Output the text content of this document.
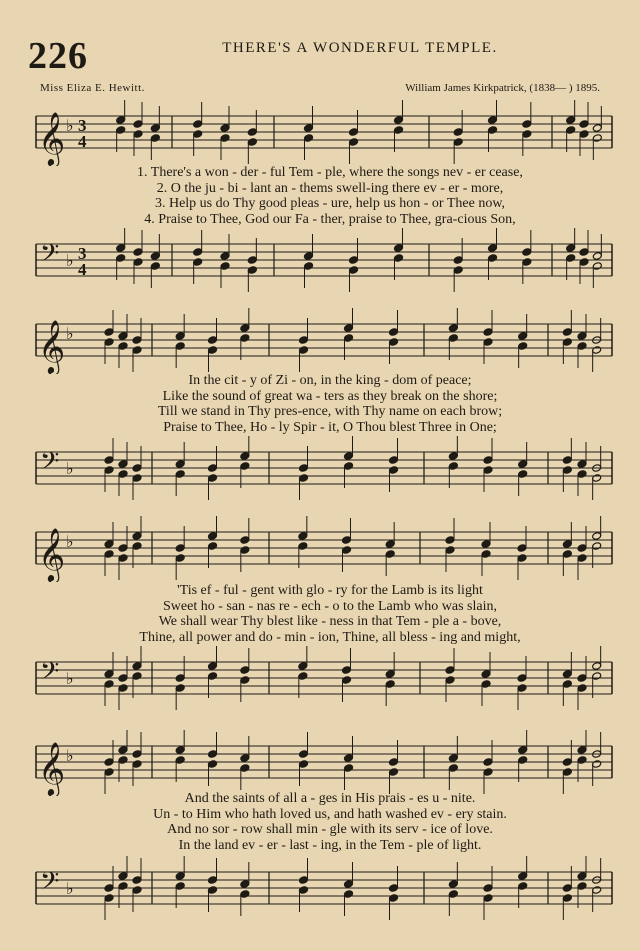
226	THERE'S A WONDERFUL TEMPLE.
Miss Eliza E. Hewitt.	William James Kirkpatrick, (1838— ) 1895.
𝄞 ♭ 3
4
1. There's a won - der - ful Tem - ple, where the songs nev - er cease,
2. O the ju - bi - lant an - thems swell-ing there ev - er - more,
3. Help us do Thy good pleas - ure, help us hon - or Thee now,
4. Praise to Thee, God our Fa - ther, praise to Thee, gra-cious Son,
𝄢 ♭ 3
4
𝄞 ♭
In the cit - y of Zi - on, in the king - dom of peace;
Like the sound of great wa - ters as they break on the shore;
Till we stand in Thy pres-ence, with Thy name on each brow;
Praise to Thee, Ho - ly Spir - it, O Thou blest Three in One;
𝄢 ♭
𝄞 ♭
'Tis ef - ful - gent with glo - ry for the Lamb is its light
Sweet ho - san - nas re - ech - o to the Lamb who was slain,
We shall wear Thy blest like - ness in that Tem - ple a - bove,
Thine, all power and do - min - ion, Thine, all bless - ing and might,
𝄢 ♭
𝄞 ♭
And the saints of all a - ges in His prais - es u - nite.
Un - to Him who hath loved us, and hath washed ev - ery stain.
And no sor - row shall min - gle with its serv - ice of love.
In the land ev - er - last - ing, in the Tem - ple of light.
𝄢 ♭
